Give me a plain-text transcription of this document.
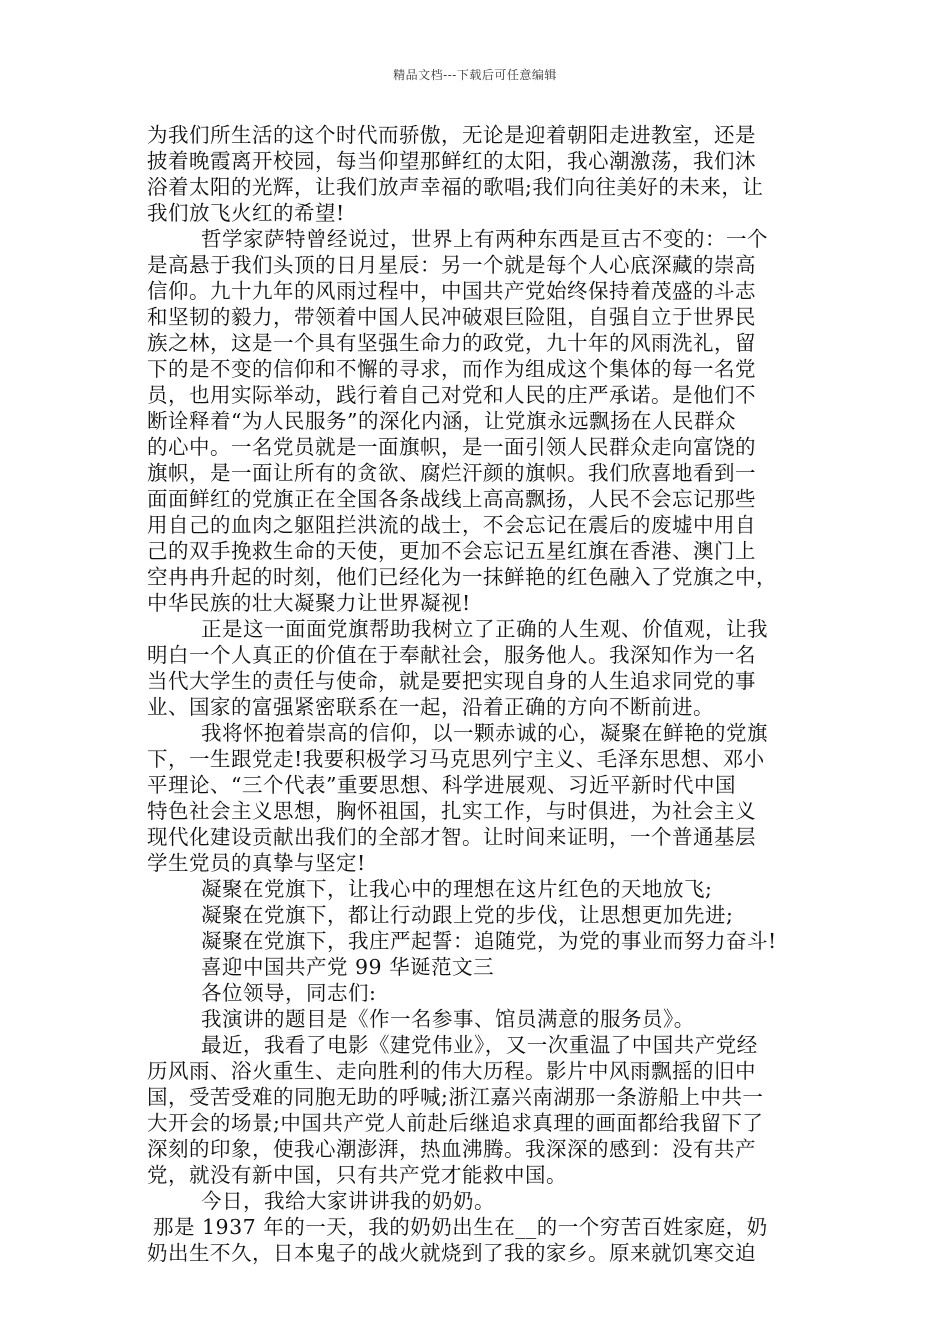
精品文档---下载后可任意编辑
为我们所生活的这个时代而骄傲，无论是迎着朝阳走进教室，还是
披着晚霞离开校园，每当仰望那鲜红的太阳，我心潮激荡，我们沐
浴着太阳的光辉，让我们放声幸福的歌唱;我们向往美好的未来，让
我们放飞火红的希望!
哲学家萨特曾经说过，世界上有两种东西是亘古不变的：一个
是高悬于我们头顶的日月星辰：另一个就是每个人心底深藏的崇高
信仰。九十九年的风雨过程中，中国共产党始终保持着茂盛的斗志
和坚韧的毅力，带领着中国人民冲破艰巨险阻，自强自立于世界民
族之林，这是一个具有坚强生命力的政党，九十年的风雨洗礼，留
下的是不变的信仰和不懈的寻求，而作为组成这个集体的每一名党
员，也用实际举动，践行着自己对党和人民的庄严承诺。是他们不
断诠释着“为人民服务”的深化内涵，让党旗永远飘扬在人民群众
的心中。一名党员就是一面旗帜，是一面引领人民群众走向富饶的
旗帜，是一面让所有的贪欲、腐烂汗颜的旗帜。我们欣喜地看到一
面面鲜红的党旗正在全国各条战线上高高飘扬，人民不会忘记那些
用自己的血肉之躯阻拦洪流的战士，不会忘记在震后的废墟中用自
己的双手挽救生命的天使，更加不会忘记五星红旗在香港、澳门上
空冉冉升起的时刻，他们已经化为一抹鲜艳的红色融入了党旗之中，
中华民族的壮大凝聚力让世界凝视!
正是这一面面党旗帮助我树立了正确的人生观、价值观，让我
明白一个人真正的价值在于奉献社会，服务他人。我深知作为一名
当代大学生的责任与使命，就是要把实现自身的人生追求同党的事
业、国家的富强紧密联系在一起，沿着正确的方向不断前进。
我将怀抱着崇高的信仰，以一颗赤诚的心，凝聚在鲜艳的党旗
下，一生跟党走!我要积极学习马克思列宁主义、毛泽东思想、邓小
平理论、“三个代表”重要思想、科学进展观、习近平新时代中国
特色社会主义思想，胸怀祖国，扎实工作，与时俱进，为社会主义
现代化建设贡献出我们的全部才智。让时间来证明，一个普通基层
学生党员的真挚与坚定!
凝聚在党旗下，让我心中的理想在这片红色的天地放飞;
凝聚在党旗下，都让行动跟上党的步伐，让思想更加先进;
凝聚在党旗下，我庄严起誓：追随党，为党的事业而努力奋斗!
喜迎中国共产党 99 华诞范文三
各位领导，同志们:
我演讲的题目是《作一名参事、馆员满意的服务员》。
最近，我看了电影《建党伟业》，又一次重温了中国共产党经
历风雨、浴火重生、走向胜利的伟大历程。影片中风雨飘摇的旧中
国，受苦受难的同胞无助的呼喊;浙江嘉兴南湖那一条游船上中共一
大开会的场景;中国共产党人前赴后继追求真理的画面都给我留下了
深刻的印象，使我心潮澎湃，热血沸腾。我深深的感到：没有共产
党，就没有新中国，只有共产党才能救中国。
今日，我给大家讲讲我的奶奶。
那是 1937 年的一天，我的奶奶出生在__的一个穷苦百姓家庭，奶
奶出生不久，日本鬼子的战火就烧到了我的家乡。原来就饥寒交迫
